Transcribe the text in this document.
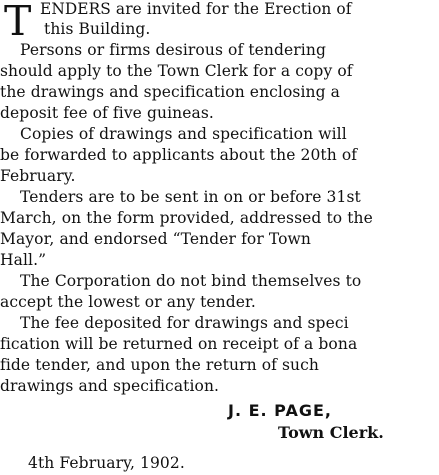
T ENDERS are invited for the Erection of
this Building.
Persons or firms desirous of tendering
should apply to the Town Clerk for a copy of
the drawings and specification enclosing a
deposit fee of five guineas.
Copies of drawings and specification will
be forwarded to applicants about the 20th of
February.
Tenders are to be sent in on or before 31st
March, on the form provided, addressed to the
Mayor, and endorsed “Tender for Town
Hall.”
The Corporation do not bind themselves to
accept the lowest or any tender.
The fee deposited for drawings and speci
fication will be returned on receipt of a bona
fide tender, and upon the return of such
drawings and specification.
J. E. PAGE,
Town Clerk.
4th February, 1902.
